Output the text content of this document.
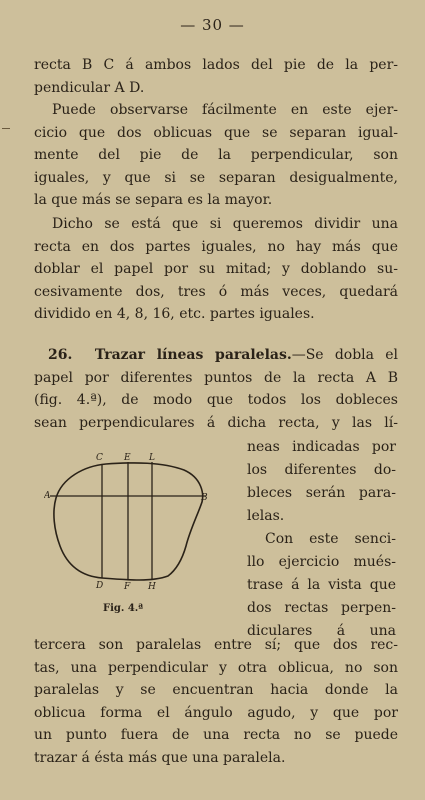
— 30 —
recta B C á ambos lados del pie de la per-
pendicular A D.
Puede observarse fácilmente en este ejer-
cicio que dos oblicuas que se separan igual-
mente del pie de la perpendicular, son
iguales, y que si se separan desigualmente,
la que más se separa es la mayor.
Dicho se está que si queremos dividir una
recta en dos partes iguales, no hay más que
doblar el papel por su mitad; y doblando su-
cesivamente dos, tres ó más veces, quedará
dividido en 4, 8, 16, etc. partes iguales.
26. Trazar líneas paralelas.—Se dobla el
papel por diferentes puntos de la recta A B
(fig. 4.ª), de modo que todos los dobleces
sean perpendiculares á dicha recta, y las lí-
neas indicadas por
los diferentes do-
bleces serán para-
lelas.
Con este senci-
llo ejercicio mués-
trase á la vista que
dos rectas perpen-
diculares á una
C E L
A	B
D F H
Fig. 4.ª
tercera son paralelas entre sí; que dos rec-
tas, una perpendicular y otra oblicua, no son
paralelas y se encuentran hacia donde la
oblicua forma el ángulo agudo, y que por
un punto fuera de una recta no se puede
trazar á ésta más que una paralela.
